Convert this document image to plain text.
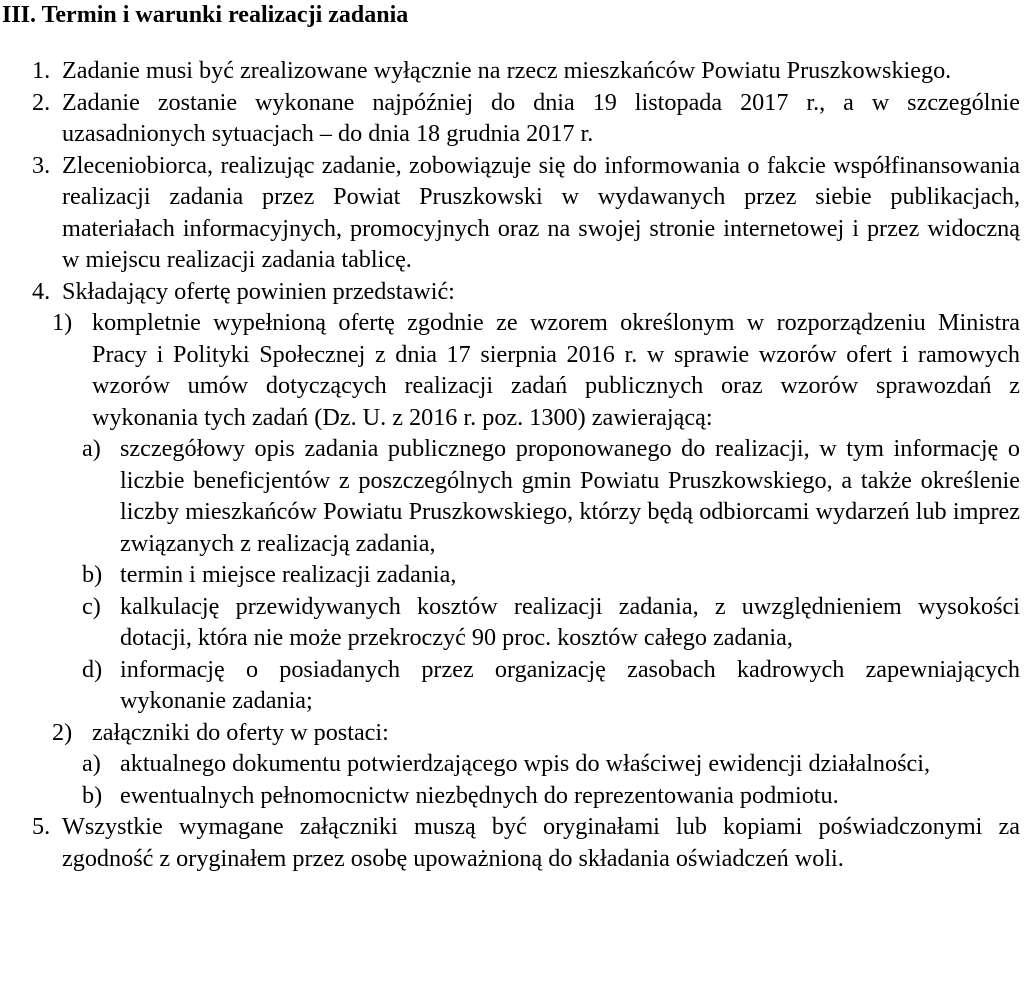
III. Termin i warunki realizacji zadania
1. Zadanie musi być zrealizowane wyłącznie na rzecz mieszkańców Powiatu Pruszkowskiego.
2. Zadanie zostanie wykonane najpóźniej do dnia 19 listopada 2017 r., a w szczególnie uzasadnionych sytuacjach – do dnia 18 grudnia 2017 r.
3. Zleceniobiorca, realizując zadanie, zobowiązuje się do informowania o fakcie współfinansowania realizacji zadania przez Powiat Pruszkowski w wydawanych przez siebie publikacjach, materiałach informacyjnych, promocyjnych oraz na swojej stronie internetowej i przez widoczną w miejscu realizacji zadania tablicę.
4. Składający ofertę powinien przedstawić:
1) kompletnie wypełnioną ofertę zgodnie ze wzorem określonym w rozporządzeniu Ministra Pracy i Polityki Społecznej z dnia 17 sierpnia 2016 r. w sprawie wzorów ofert i ramowych wzorów umów dotyczących realizacji zadań publicznych oraz wzorów sprawozdań z wykonania tych zadań (Dz. U. z 2016 r. poz. 1300) zawierającą:
a) szczegółowy opis zadania publicznego proponowanego do realizacji, w tym informację o liczbie beneficjentów z poszczególnych gmin Powiatu Pruszkowskiego, a także określenie liczby mieszkańców Powiatu Pruszkowskiego, którzy będą odbiorcami wydarzeń lub imprez związanych z realizacją zadania,
b) termin i miejsce realizacji zadania,
c) kalkulację przewidywanych kosztów realizacji zadania, z uwzględnieniem wysokości dotacji, która nie może przekroczyć 90 proc. kosztów całego zadania,
d) informację o posiadanych przez organizację zasobach kadrowych zapewniających wykonanie zadania;
2) załączniki do oferty w postaci:
a) aktualnego dokumentu potwierdzającego wpis do właściwej ewidencji działalności,
b) ewentualnych pełnomocnictw niezbędnych do reprezentowania podmiotu.
5. Wszystkie wymagane załączniki muszą być oryginałami lub kopiami poświadczonymi za zgodność z oryginałem przez osobę upoważnioną do składania oświadczeń woli.
